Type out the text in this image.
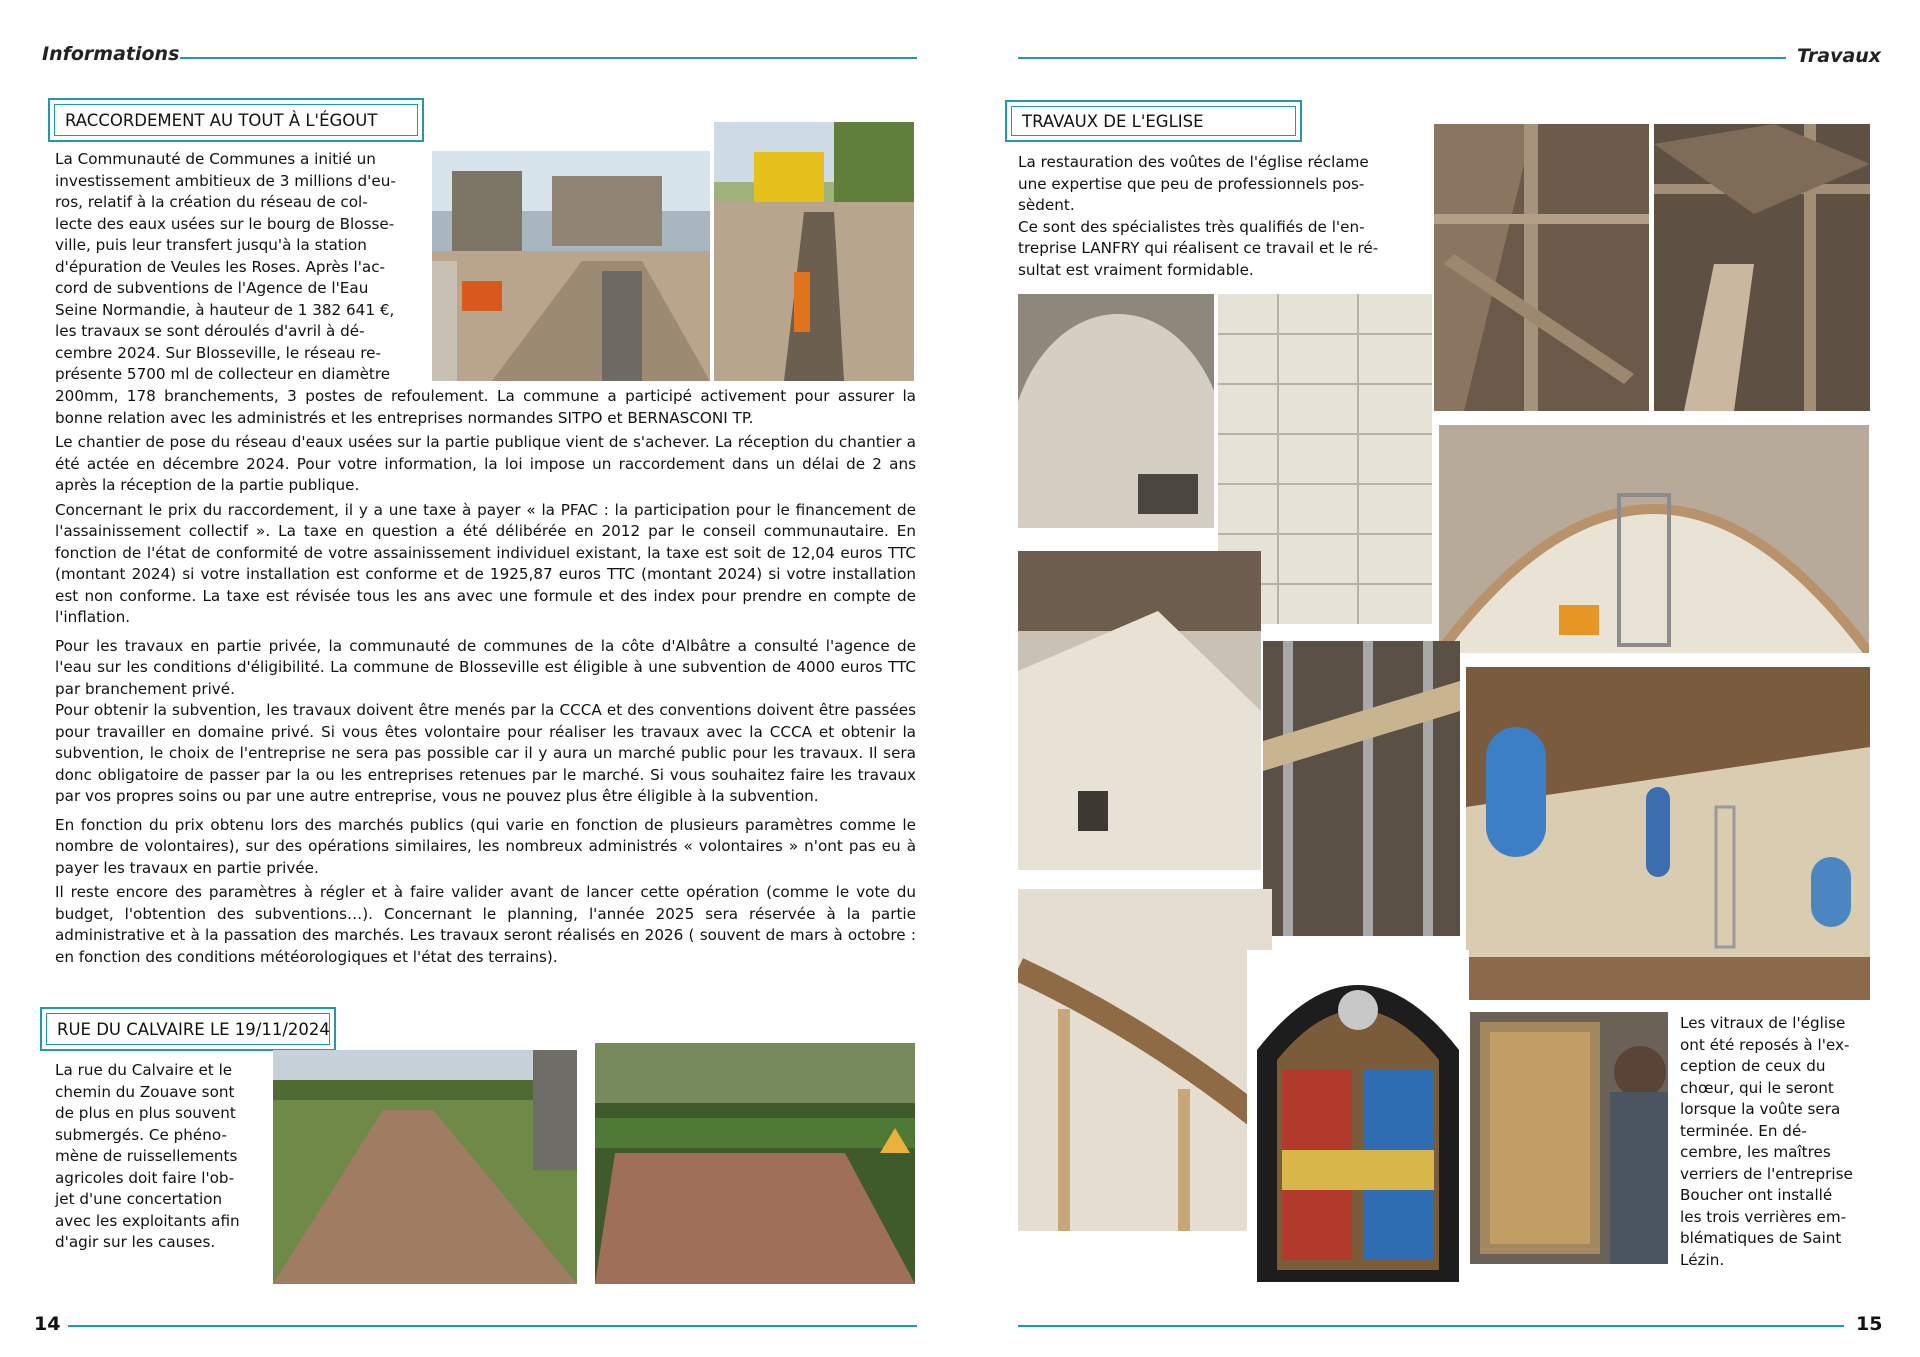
Informations
RACCORDEMENT AU TOUT À L'ÉGOUT
La Communauté de Communes a initié un
investissement ambitieux de 3 millions d'eu-
ros, relatif à la création du réseau de col-
lecte des eaux usées sur le bourg de Blosse-
ville, puis leur transfert jusqu'à la station
d'épuration de Veules les Roses. Après l'ac-
cord de subventions de l'Agence de l'Eau
Seine Normandie, à hauteur de 1 382 641 €,
les travaux se sont déroulés d'avril à dé-
cembre 2024. Sur Blosseville, le réseau re-
présente 5700 ml de collecteur en diamètre

200mm, 178 branchements, 3 postes de refoulement. La commune a participé activement pour assurer la bonne relation avec les administrés et les entreprises normandes SITPO et BERNASCONI TP.

Le chantier de pose du réseau d'eaux usées sur la partie publique vient de s'achever. La réception du chantier a été actée en décembre 2024. Pour votre information, la loi impose un raccordement dans un délai de 2 ans après la réception de la partie publique.

Concernant le prix du raccordement, il y a une taxe à payer « la PFAC : la participation pour le financement de l'assainissement collectif ». La taxe en question a été délibérée en 2012 par le conseil communautaire. En fonction de l'état de conformité de votre assainissement individuel existant, la taxe est soit de 12,04 euros TTC (montant 2024) si votre installation est conforme et de 1925,87 euros TTC (montant 2024) si votre installation est non conforme. La taxe est révisée tous les ans avec une formule et des index pour prendre en compte de l'inflation.

Pour les travaux en partie privée, la communauté de communes de la côte d'Albâtre a consulté l'agence de l'eau sur les conditions d'éligibilité. La commune de Blosseville est éligible à une subvention de 4000 euros TTC par branchement privé.

Pour obtenir la subvention, les travaux doivent être menés par la CCCA et des conventions doivent être passées pour travailler en domaine privé. Si vous êtes volontaire pour réaliser les travaux avec la CCCA et obtenir la subvention, le choix de l'entreprise ne sera pas possible car il y aura un marché public pour les travaux. Il sera donc obligatoire de passer par la ou les entreprises retenues par le marché. Si vous souhaitez faire les travaux par vos propres soins ou par une autre entreprise, vous ne pouvez plus être éligible à la subvention.

En fonction du prix obtenu lors des marchés publics (qui varie en fonction de plusieurs paramètres comme le nombre de volontaires), sur des opérations similaires, les nombreux administrés « volontaires » n'ont pas eu à payer les travaux en partie privée.

Il reste encore des paramètres à régler et à faire valider avant de lancer cette opération (comme le vote du budget, l'obtention des subventions…). Concernant le planning, l'année 2025 sera réservée à la partie administrative et à la passation des marchés. Les travaux seront réalisés en 2026 ( souvent de mars à octobre : en fonction des conditions météorologiques et l'état des terrains).

RUE DU CALVAIRE LE 19/11/2024
La rue du Calvaire et le
chemin du Zouave sont
de plus en plus souvent
submergés. Ce phéno-
mène de ruissellements
agricoles doit faire l'ob-
jet d'une concertation
avec les exploitants afin
d'agir sur les causes.
14
Travaux
TRAVAUX DE L'EGLISE
La restauration des voûtes de l'église réclame
une expertise que peu de professionnels pos-
sèdent.
Ce sont des spécialistes très qualifiés de l'en-
treprise LANFRY qui réalisent ce travail et le ré-
sultat est vraiment formidable.
Les vitraux de l'église
ont été reposés à l'ex-
ception de ceux du
chœur, qui le seront
lorsque la voûte sera
terminée. En dé-
cembre, les maîtres
verriers de l'entreprise
Boucher ont installé
les trois verrières em-
blématiques de Saint
Lézin.
15
